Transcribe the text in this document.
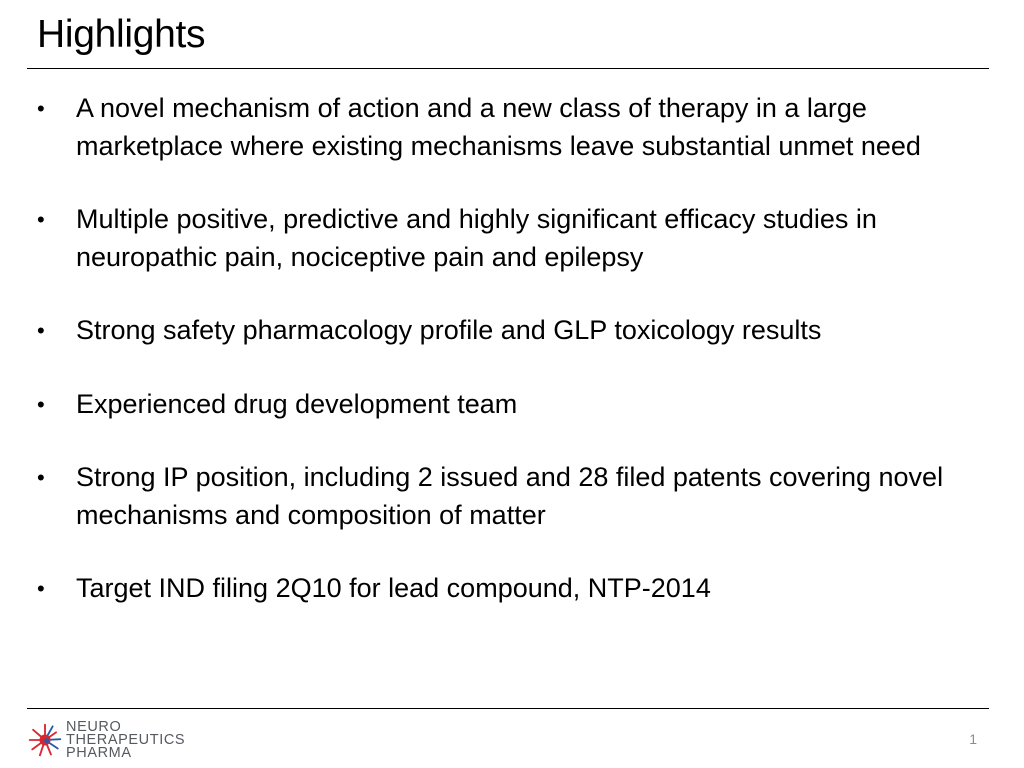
Highlights
• A novel mechanism of action and a new class of therapy in a large marketplace where existing mechanisms leave substantial unmet need
• Multiple positive, predictive and highly significant efficacy studies in neuropathic pain, nociceptive pain and epilepsy
• Strong safety pharmacology profile and GLP toxicology results
• Experienced drug development team
• Strong IP position, including 2 issued and 28 filed patents covering novel mechanisms and composition of matter
• Target IND filing 2Q10 for lead compound, NTP-2014
NEURO
THERAPEUTICS
PHARMA
1
